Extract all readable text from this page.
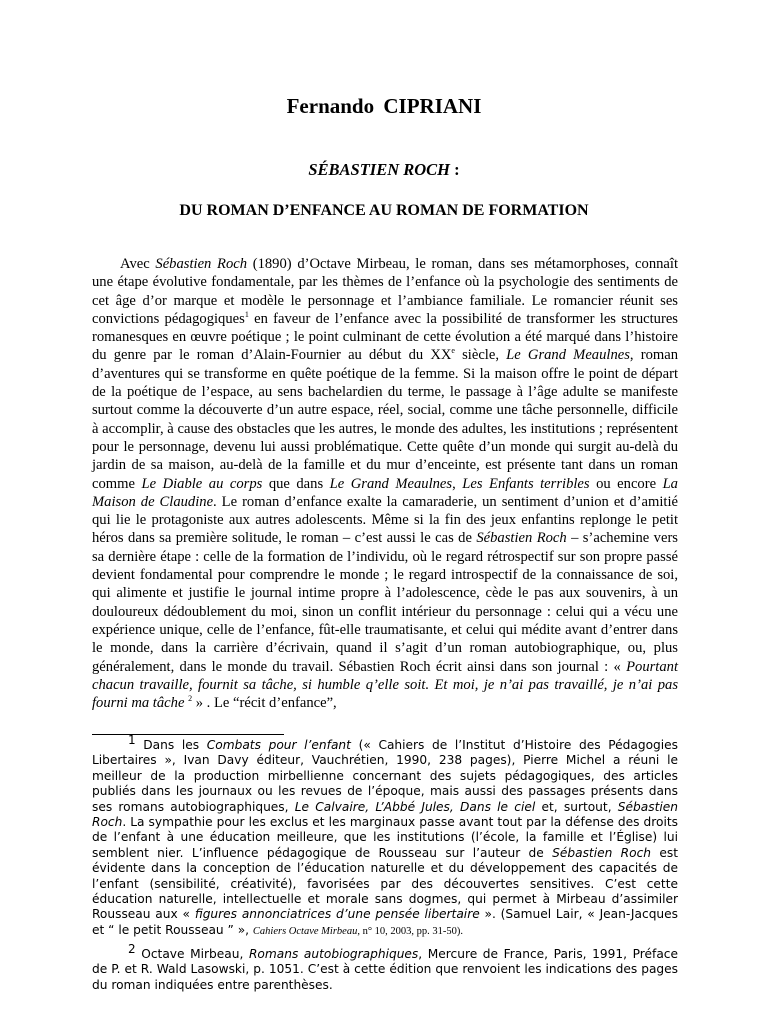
Fernando CIPRIANI
SÉBASTIEN ROCH :
DU ROMAN D’ENFANCE AU ROMAN DE FORMATION

Avec Sébastien Roch (1890) d’Octave Mirbeau, le roman, dans ses métamorphoses, connaît une étape évolutive fondamentale, par les thèmes de l’enfance où la psychologie des sentiments de cet âge d’or marque et modèle le personnage et l’ambiance familiale. Le romancier réunit ses convictions pédagogiques$^1$ en faveur de l’enfance avec la possibilité de transformer les structures romanesques en œuvre poétique ; le point culminant de cette évolution a été marqué dans l’histoire du genre par le roman d’Alain-Fournier au début du XXe siècle, Le Grand Meaulnes, roman d’aventures qui se transforme en quête poétique de la femme. Si la maison offre le point de départ de la poétique de l’espace, au sens bachelardien du terme, le passage à l’âge adulte se manifeste surtout comme la découverte d’un autre espace, réel, social, comme une tâche personnelle, difficile à accomplir, à cause des obstacles que les autres, le monde des adultes, les institutions ; représentent pour le personnage, devenu lui aussi problématique. Cette quête d’un monde qui surgit au-delà du jardin de sa maison, au-delà de la famille et du mur d’enceinte, est présente tant dans un roman comme Le Diable au corps que dans Le Grand Meaulnes, Les Enfants terribles ou encore La Maison de Claudine. Le roman d’enfance exalte la camaraderie, un sentiment d’union et d’amitié qui lie le protagoniste aux autres adolescents. Même si la fin des jeux enfantins replonge le petit héros dans sa première solitude, le roman – c’est aussi le cas de Sébastien Roch – s’achemine vers sa dernière étape : celle de la formation de l’individu, où le regard rétrospectif sur son propre passé devient fondamental pour comprendre le monde ; le regard introspectif de la connaissance de soi, qui alimente et justifie le journal intime propre à l’adolescence, cède le pas aux souvenirs, à un douloureux dédoublement du moi, sinon un conflit intérieur du personnage : celui qui a vécu une expérience unique, celle de l’enfance, fût-elle traumatisante, et celui qui médite avant d’entrer dans le monde, dans la carrière d’écrivain, quand il s’agit d’un roman autobiographique, ou, plus généralement, dans le monde du travail. Sébastien Roch écrit ainsi dans son journal : « Pourtant chacun travaille, fournit sa tâche, si humble q’elle soit. Et moi, je n’ai pas travaillé, je n’ai pas fourni ma tâche $^2$ » . Le “récit d’enfance”,

$^1$ Dans les Combats pour l’enfant (« Cahiers de l’Institut d’Histoire des Pédagogies Libertaires », Ivan Davy éditeur, Vauchrétien, 1990, 238 pages), Pierre Michel a réuni le meilleur de la production mirbellienne concernant des sujets pédagogiques, des articles publiés dans les journaux ou les revues de l’époque, mais aussi des passages présents dans ses romans autobiographiques, Le Calvaire, L’Abbé Jules, Dans le ciel et, surtout, Sébastien Roch. La sympathie pour les exclus et les marginaux passe avant tout par la défense des droits de l’enfant à une éducation meilleure, que les institutions (l’école, la famille et l’Église) lui semblent nier. L’influence pédagogique de Rousseau sur l’auteur de Sébastien Roch est évidente dans la conception de l’éducation naturelle et du développement des capacités de l’enfant (sensibilité, créativité), favorisées par des découvertes sensitives. C’est cette éducation naturelle, intellectuelle et morale sans dogmes, qui permet à Mirbeau d’assimiler Rousseau aux « figures annonciatrices d’une pensée libertaire ». (Samuel Lair, « Jean-Jacques et “ le petit Rousseau ” », Cahiers Octave Mirbeau, n° 10, 2003, pp. 31-50).

$^2$ Octave Mirbeau, Romans autobiographiques, Mercure de France, Paris, 1991, Préface de P. et R. Wald Lasowski, p. 1051. C’est à cette édition que renvoient les indications des pages du roman indiquées entre parenthèses.
